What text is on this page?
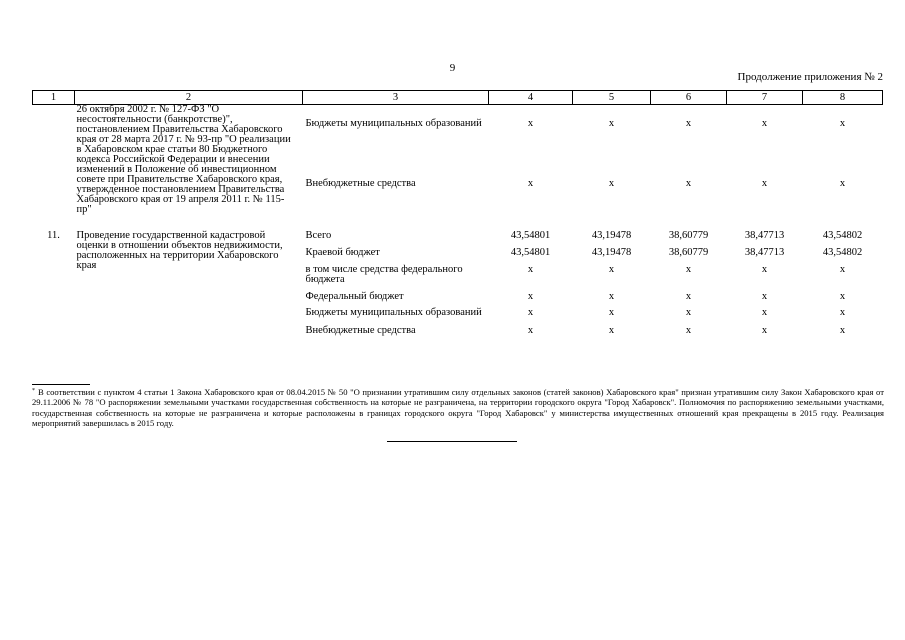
9
Продолжение приложения № 2
1	2	3	4	5	6	7	8
	26 октября 2002 г. № 127-ФЗ "О несостоятельности (банкротстве)", постановлением Правительства Хабаровского края от 28 марта 2017 г. № 93-пр "О реализации в Хабаровском крае статьи 80 Бюджетного кодекса Российской Федерации и внесении изменений в Положение об инвестиционном совете при Правительстве Хабаровского края, утвержденное постановлением Правительства Хабаровского края от 19 апреля 2011 г. № 115-пр"	Бюджеты муниципальных образований	x	x	x	x	x
		Внебюджетные средства	x	x	x	x	x

11.	Проведение государственной кадастровой оценки в отношении объектов недвижимости, расположенных на территории Хабаровского края	Всего	43,54801	43,19478	38,60779	38,47713	43,54802
		Краевой бюджет	43,54801	43,19478	38,60779	38,47713	43,54802
		в том числе средства федерального бюджета	x	x	x	x	x
		Федеральный бюджет	x	x	x	x	x
		Бюджеты муниципальных образований	x	x	x	x	x
		Внебюджетные средства	x	x	x	x	x
* В соответствии с пунктом 4 статьи 1 Закона Хабаровского края от 08.04.2015 № 50 "О признании утратившим силу отдельных законов (статей законов) Хабаровского края" признан утратившим силу Закон Хабаровского края от 29.11.2006 № 78 "О распоряжении земельными участками государственная собственность на которые не разграничена, на территории городского округа "Город Хабаровск". Полномочия по распоряжению земельными участками, государственная собственность на которые не разграничена и которые расположены в границах городского округа "Город Хабаровск" у министерства имущественных отношений края прекращены в 2015 году. Реализация мероприятий завершилась в 2015 году.
